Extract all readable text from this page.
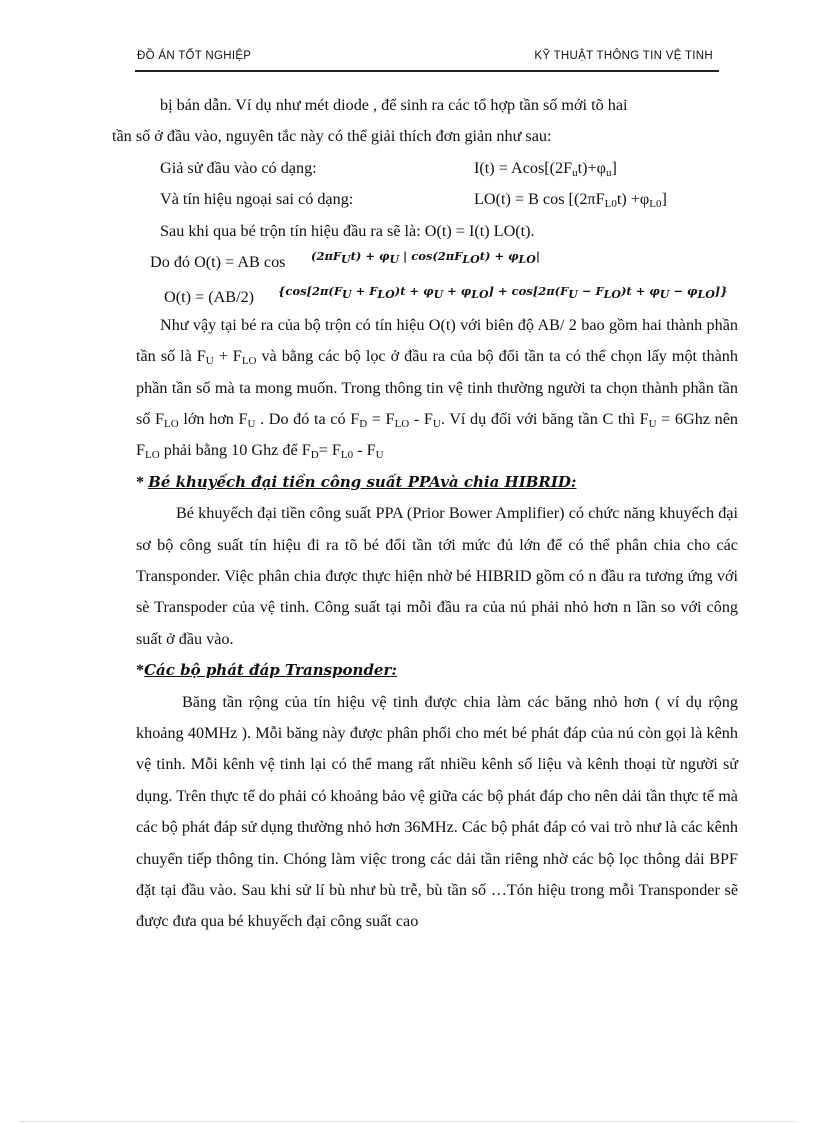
ĐỒ ÁN TỐT NGHIỆP	KỸ THUẬT THÔNG TIN VỆ TINH

bị bán dẫn. Ví dụ như mét diode , để sinh ra các tổ hợp tần số mới tõ hai
tần số ở đầu vào, nguyên tắc này có thể giải thích đơn giản như sau:

Giả sử đầu vào có dạng:	$I(t) = Acos[(2F_ut)+\varphi_u]$
Và tín hiệu ngoại sai có dạng:	LO(t) = B $\cos [(2\pi F_{L0}t) +\varphi_{L0}]$
Sau khi qua bé trộn tín hiệu đầu ra sẽ là: O(t) = I(t) LO(t).
Do đó O(t) = AB $\cos (2\pi F_Ut) + \varphi_U$ | $\cos(2\pi F_{LO}t) + \varphi_{LO}|$
O(t) = (AB/2) $\{\cos[2\pi(F_U + F_{LO})t + \varphi_U + \varphi_{LO}] + \cos[2\pi(F_U - F_{LO})t + \varphi_U - \varphi_{LO}]\}$

Như vậy tại bé ra của bộ trộn có tín hiệu O(t) với biên độ AB/ 2 bao gồm hai thành phần tần số là $F_U + F_{LO}$ và bằng các bộ lọc ở đầu ra của bộ đổi tần ta có thể chọn lấy một thành phần tần số mà ta mong muốn. Trong thông tin vệ tinh thường người ta chọn thành phần tần số $F_{LO}$ lớn hơn $F_U$ . Do đó ta có $F_D = F_{LO} - F_U$. Ví dụ đối với băng tần C thì $F_U = 6Ghz$ nên $F_{LO}$ phải bằng 10 Ghz để $F_D= F_{L0} - F_U$

* Bé khuyếch đại tiền công suất PPAvà chia HIBRID:

Bé khuyếch đại tiền công suất PPA (Prior Bower Amplifier) có chức năng khuyếch đại sơ bộ công suất tín hiệu đi ra tõ bé đổi tần tới mức đủ lớn để có thể phân chia cho các Transponder. Việc phân chia được thực hiện nhờ bé HIBRID gồm có n đầu ra tương ứng với sè Transpoder của vệ tinh. Công suất tại mỗi đầu ra của nú phải nhỏ hơn n lần so với công suất ở đầu vào.

*Các bộ phát đáp Transponder:

Băng tần rộng của tín hiệu vệ tinh được chia làm các băng nhỏ hơn ( ví dụ rộng khoảng 40MHz ). Mỗi băng này được phân phối cho mét bé phát đáp của nú còn gọi là kênh vệ tinh. Mỗi kênh vệ tinh lại có thể mang rất nhiều kênh số liệu và kênh thoại từ người sử dụng. Trên thực tế do phải có khoảng bảo vệ giữa các bộ phát đáp cho nên dải tần thực tế mà các bộ phát đáp sử dụng thường nhỏ hơn 36MHz. Các bộ phát đáp có vai trò như là các kênh chuyển tiếp thông tin. Chóng làm việc trong các dải tần riêng nhờ các bộ lọc thông dải BPF đặt tại đầu vào. Sau khi sử lí bù như bù trễ, bù tần số …Tón hiệu trong mỗi Transponder sẽ được đưa qua bé khuyếch đại công suất cao
